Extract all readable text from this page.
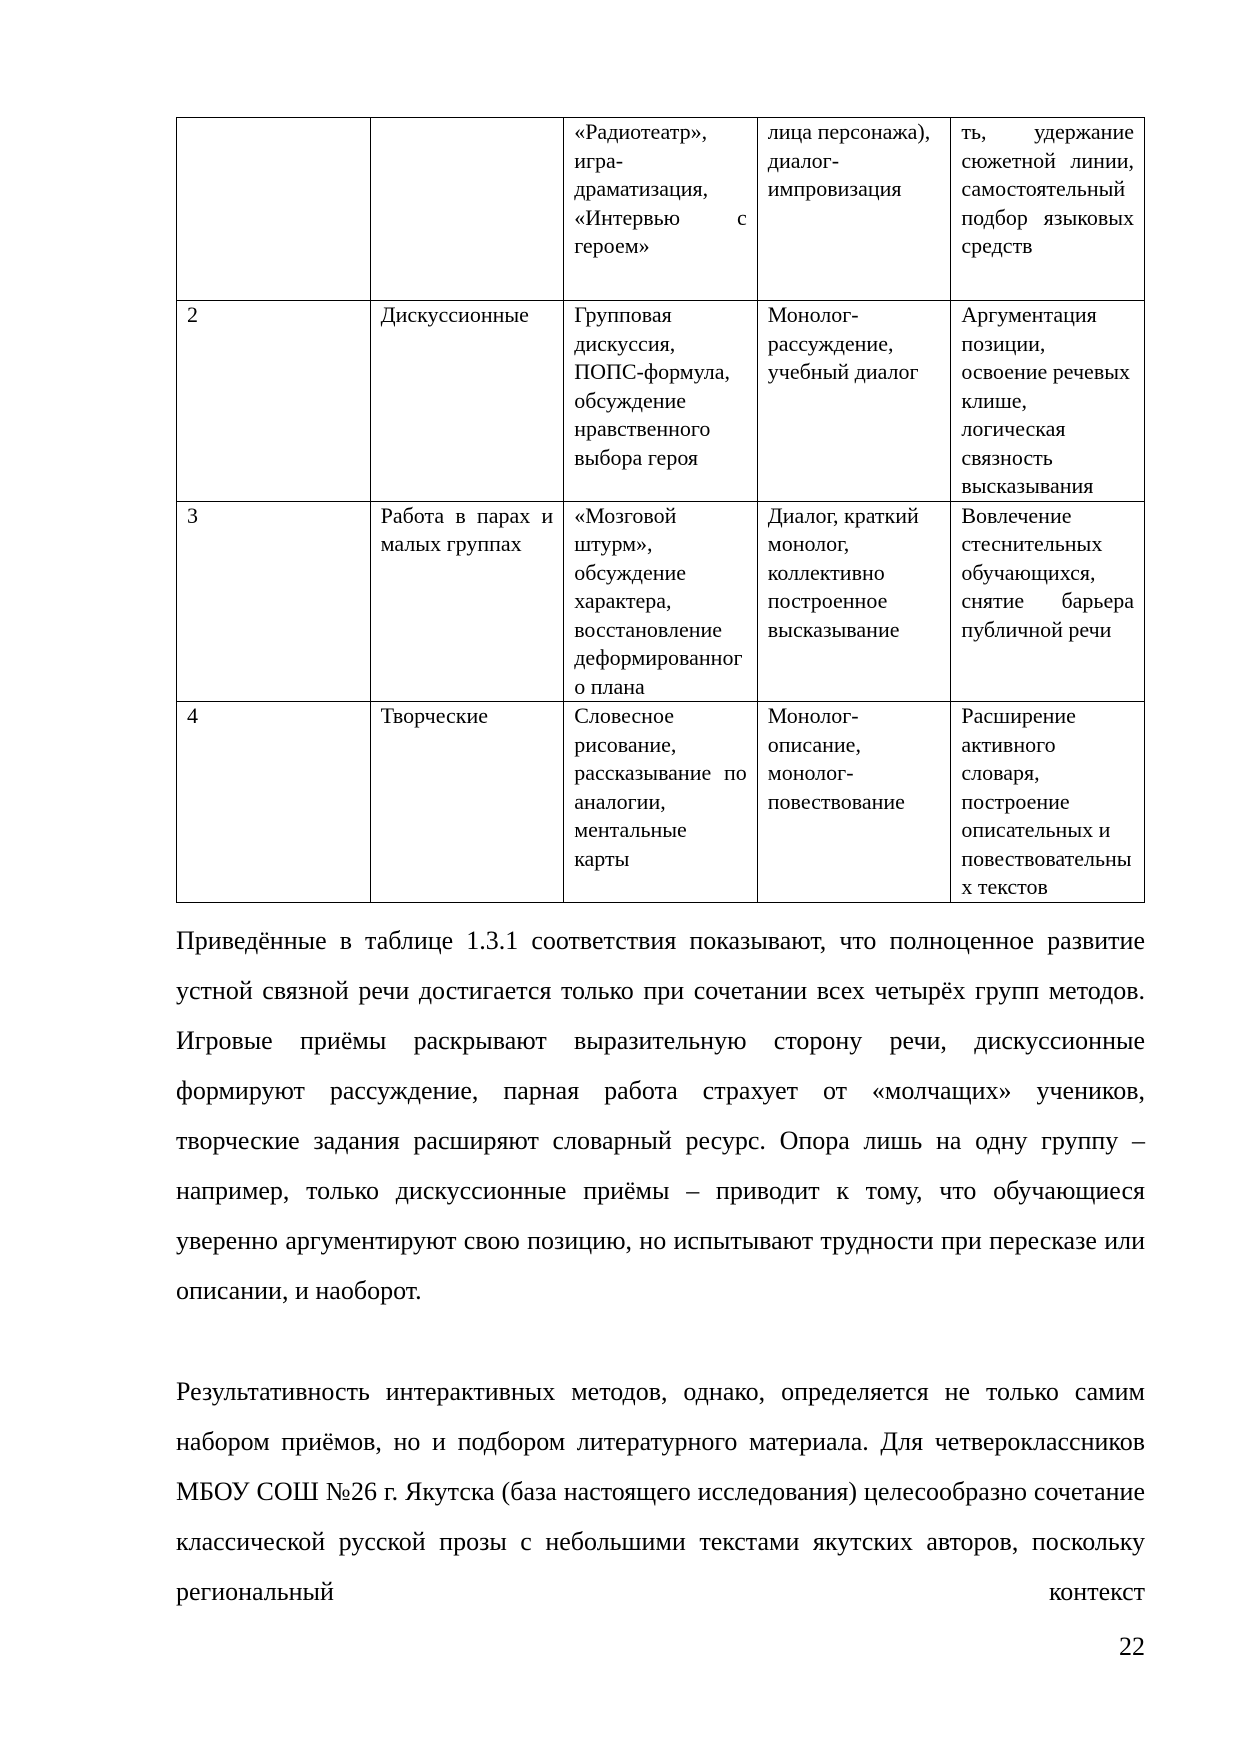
		«Радиотеатр», игра-драматизация, «Интервью с героем»	лица персонажа), диалог-импровизация	ть, удержание сюжетной линии, самостоятельный подбор языковых средств
2	Дискуссионные	Групповая дискуссия, ПОПС-формула, обсуждение нравственного выбора героя	Монолог-рассуждение, учебный диалог	Аргументация позиции, освоение речевых клише, логическая связность высказывания
3	Работа в парах и малых группах	«Мозговой штурм», обсуждение характера, восстановление деформированного плана	Диалог, краткий монолог, коллективно построенное высказывание	Вовлечение стеснительных обучающихся, снятие барьера публичной речи
4	Творческие	Словесное рисование, рассказывание по аналогии, ментальные карты	Монолог-описание, монолог-повествование	Расширение активного словаря, построение описательных и повествовательных текстов

Приведённые в таблице 1.3.1 соответствия показывают, что полноценное развитие устной связной речи достигается только при сочетании всех четырёх групп методов. Игровые приёмы раскрывают выразительную сторону речи, дискуссионные формируют рассуждение, парная работа страхует от «молчащих» учеников, творческие задания расширяют словарный ресурс. Опора лишь на одну группу – например, только дискуссионные приёмы – приводит к тому, что обучающиеся уверенно аргументируют свою позицию, но испытывают трудности при пересказе или описании, и наоборот.

Результативность интерактивных методов, однако, определяется не только самим набором приёмов, но и подбором литературного материала. Для четвероклассников МБОУ СОШ №26 г. Якутска (база настоящего исследования) целесообразно сочетание классической русской прозы с небольшими текстами якутских авторов, поскольку региональный контекст

22
